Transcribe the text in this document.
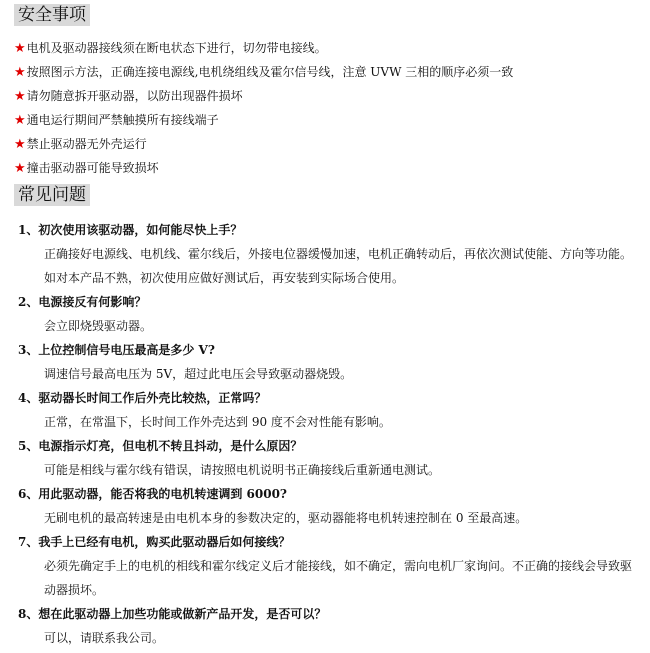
安全事项
★电机及驱动器接线须在断电状态下进行，切勿带电接线。
★按照图示方法，正确连接电源线,电机绕组线及霍尔信号线，注意 UVW 三相的顺序必须一致
★请勿随意拆开驱动器，以防出现器件损坏
★通电运行期间严禁触摸所有接线端子
★禁止驱动器无外壳运行
★撞击驱动器可能导致损坏
常见问题
1、初次使用该驱动器，如何能尽快上手？
正确接好电源线、电机线、霍尔线后，外接电位器缓慢加速，电机正确转动后，再依次测试使能、方向等功能。如对本产品不熟，初次使用应做好测试后，再安装到实际场合使用。
2、电源接反有何影响？
会立即烧毁驱动器。
3、上位控制信号电压最高是多少 V?
调速信号最高电压为 5V，超过此电压会导致驱动器烧毁。
4、驱动器长时间工作后外壳比较热，正常吗？
正常，在常温下，长时间工作外壳达到 90 度不会对性能有影响。
5、电源指示灯亮，但电机不转且抖动，是什么原因？
可能是相线与霍尔线有错误，请按照电机说明书正确接线后重新通电测试。
6、用此驱动器，能否将我的电机转速调到 6000?
无刷电机的最高转速是由电机本身的参数决定的，驱动器能将电机转速控制在 0 至最高速。
7、我手上已经有电机，购买此驱动器后如何接线？
必须先确定手上的电机的相线和霍尔线定义后才能接线，如不确定，需向电机厂家询问。不正确的接线会导致驱动器损坏。
8、想在此驱动器上加些功能或做新产品开发，是否可以？
可以，请联系我公司。
